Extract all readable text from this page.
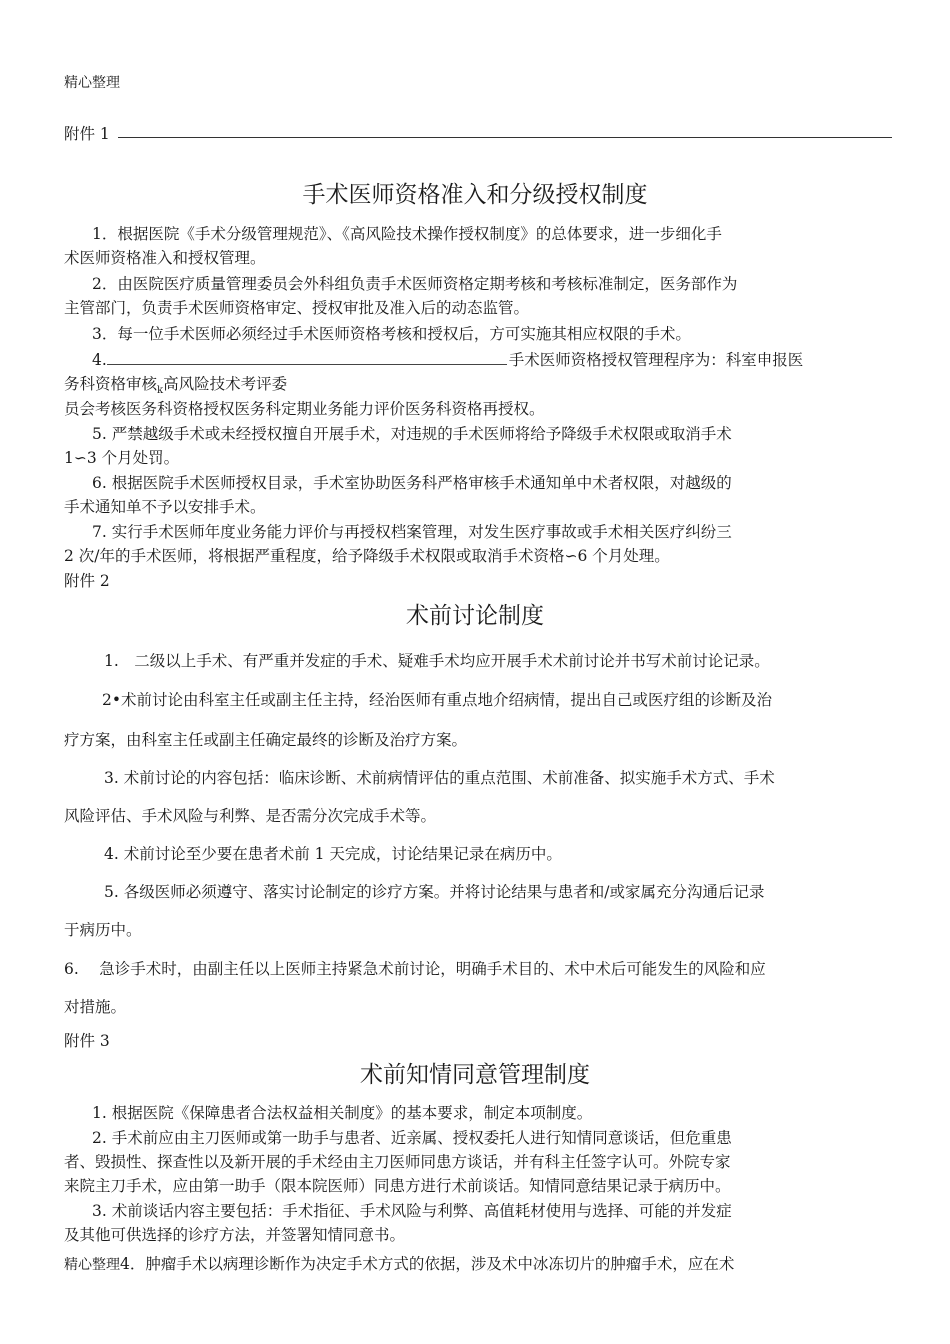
精心整理
附件 1
手术医师资格准入和分级授权制度
1．根据医院《手术分级管理规范》、《高风险技术操作授权制度》的总体要求，进一步细化手
术医师资格准入和授权管理。
2．由医院医疗质量管理委员会外科组负责手术医师资格定期考核和考核标准制定，医务部作为
主管部门，负责手术医师资格审定、授权审批及准入后的动态监管。
3．每一位手术医师必须经过手术医师资格考核和授权后，方可实施其相应权限的手术。
4.	手术医师资格授权管理程序为：科室申报医
务科资格审核$_k$高风险技术考评委
员会考核医务科资格授权医务科定期业务能力评价医务科资格再授权。
5. 严禁越级手术或未经授权擅自开展手术，对违规的手术医师将给予降级手术权限或取消手术
1∽3 个月处罚。
6. 根据医院手术医师授权目录，手术室协助医务科严格审核手术通知单中术者权限，对越级的
手术通知单不予以安排手术。
7. 实行手术医师年度业务能力评价与再授权档案管理，对发生医疗事故或手术相关医疗纠纷三
2 次/年的手术医师，将根据严重程度，给予降级手术权限或取消手术资格∽6 个月处理。
附件 2
术前讨论制度
1.　二级以上手术、有严重并发症的手术、疑难手术均应开展手术术前讨论并书写术前讨论记录。
2•术前讨论由科室主任或副主任主持，经治医师有重点地介绍病情，提出自己或医疗组的诊断及治
疗方案，由科室主任或副主任确定最终的诊断及治疗方案。
3. 术前讨论的内容包括：临床诊断、术前病情评估的重点范围、术前准备、拟实施手术方式、手术
风险评估、手术风险与利弊、是否需分次完成手术等。
4. 术前讨论至少要在患者术前 1 天完成，讨论结果记录在病历中。
5. 各级医师必须遵守、落实讨论制定的诊疗方案。并将讨论结果与患者和/或家属充分沟通后记录
于病历中。
6.　 急诊手术时，由副主任以上医师主持紧急术前讨论，明确手术目的、术中术后可能发生的风险和应
对措施。
附件 3
术前知情同意管理制度
1. 根据医院《保障患者合法权益相关制度》的基本要求，制定本项制度。
2. 手术前应由主刀医师或第一助手与患者、近亲属、授权委托人进行知情同意谈话，但危重患
者、毁损性、探查性以及新开展的手术经由主刀医师同患方谈话，并有科主任签字认可。外院专家
来院主刀手术，应由第一助手（限本院医师）同患方进行术前谈话。知情同意结果记录于病历中。
3. 术前谈话内容主要包括：手术指征、手术风险与利弊、高值耗材使用与选择、可能的并发症
及其他可供选择的诊疗方法，并签署知情同意书。
精心整理4．肿瘤手术以病理诊断作为决定手术方式的依据，涉及术中冰冻切片的肿瘤手术，应在术
